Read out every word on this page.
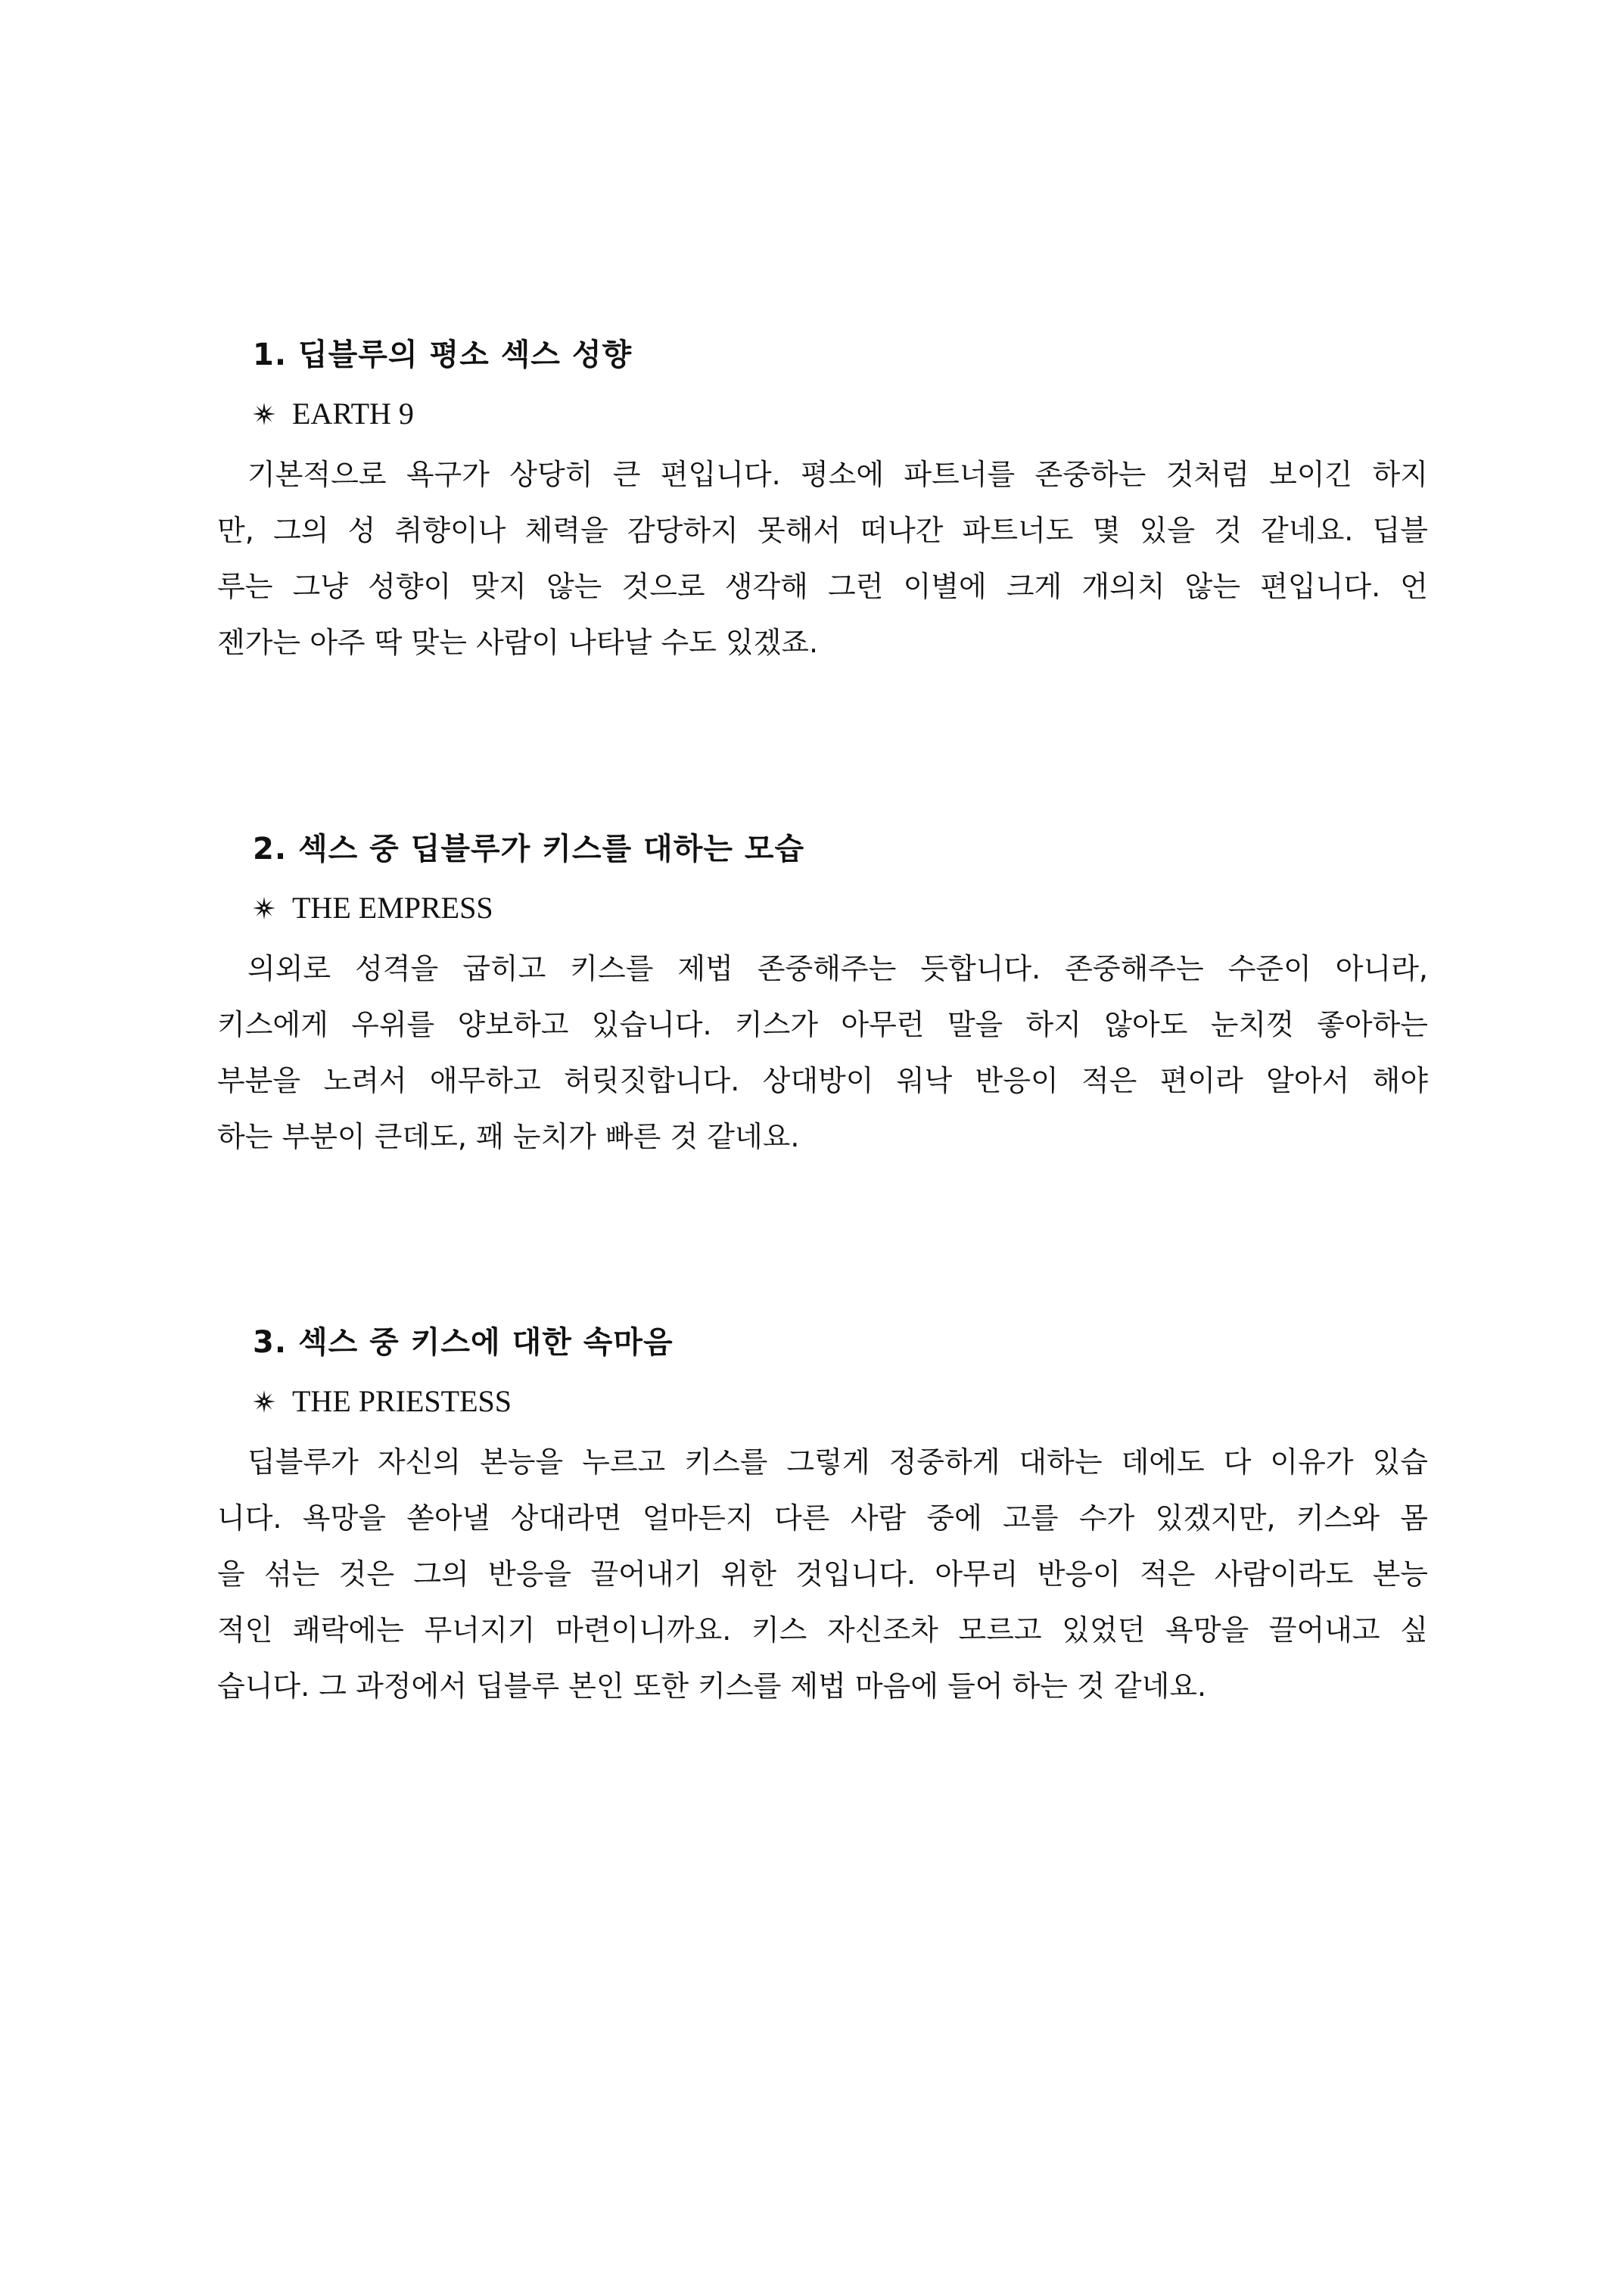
1. 딥블루의 평소 섹스 성향
EARTH 9
기본적으로 욕구가 상당히 큰 편입니다. 평소에 파트너를 존중하는 것처럼 보이긴 하지
만, 그의 성 취향이나 체력을 감당하지 못해서 떠나간 파트너도 몇 있을 것 같네요. 딥블
루는 그냥 성향이 맞지 않는 것으로 생각해 그런 이별에 크게 개의치 않는 편입니다. 언
젠가는 아주 딱 맞는 사람이 나타날 수도 있겠죠.
2. 섹스 중 딥블루가 키스를 대하는 모습
THE EMPRESS
의외로 성격을 굽히고 키스를 제법 존중해주는 듯합니다. 존중해주는 수준이 아니라,
키스에게 우위를 양보하고 있습니다. 키스가 아무런 말을 하지 않아도 눈치껏 좋아하는
부분을 노려서 애무하고 허릿짓합니다. 상대방이 워낙 반응이 적은 편이라 알아서 해야
하는 부분이 큰데도, 꽤 눈치가 빠른 것 같네요.
3. 섹스 중 키스에 대한 속마음
THE PRIESTESS
딥블루가 자신의 본능을 누르고 키스를 그렇게 정중하게 대하는 데에도 다 이유가 있습
니다. 욕망을 쏟아낼 상대라면 얼마든지 다른 사람 중에 고를 수가 있겠지만, 키스와 몸
을 섞는 것은 그의 반응을 끌어내기 위한 것입니다. 아무리 반응이 적은 사람이라도 본능
적인 쾌락에는 무너지기 마련이니까요. 키스 자신조차 모르고 있었던 욕망을 끌어내고 싶
습니다. 그 과정에서 딥블루 본인 또한 키스를 제법 마음에 들어 하는 것 같네요.
